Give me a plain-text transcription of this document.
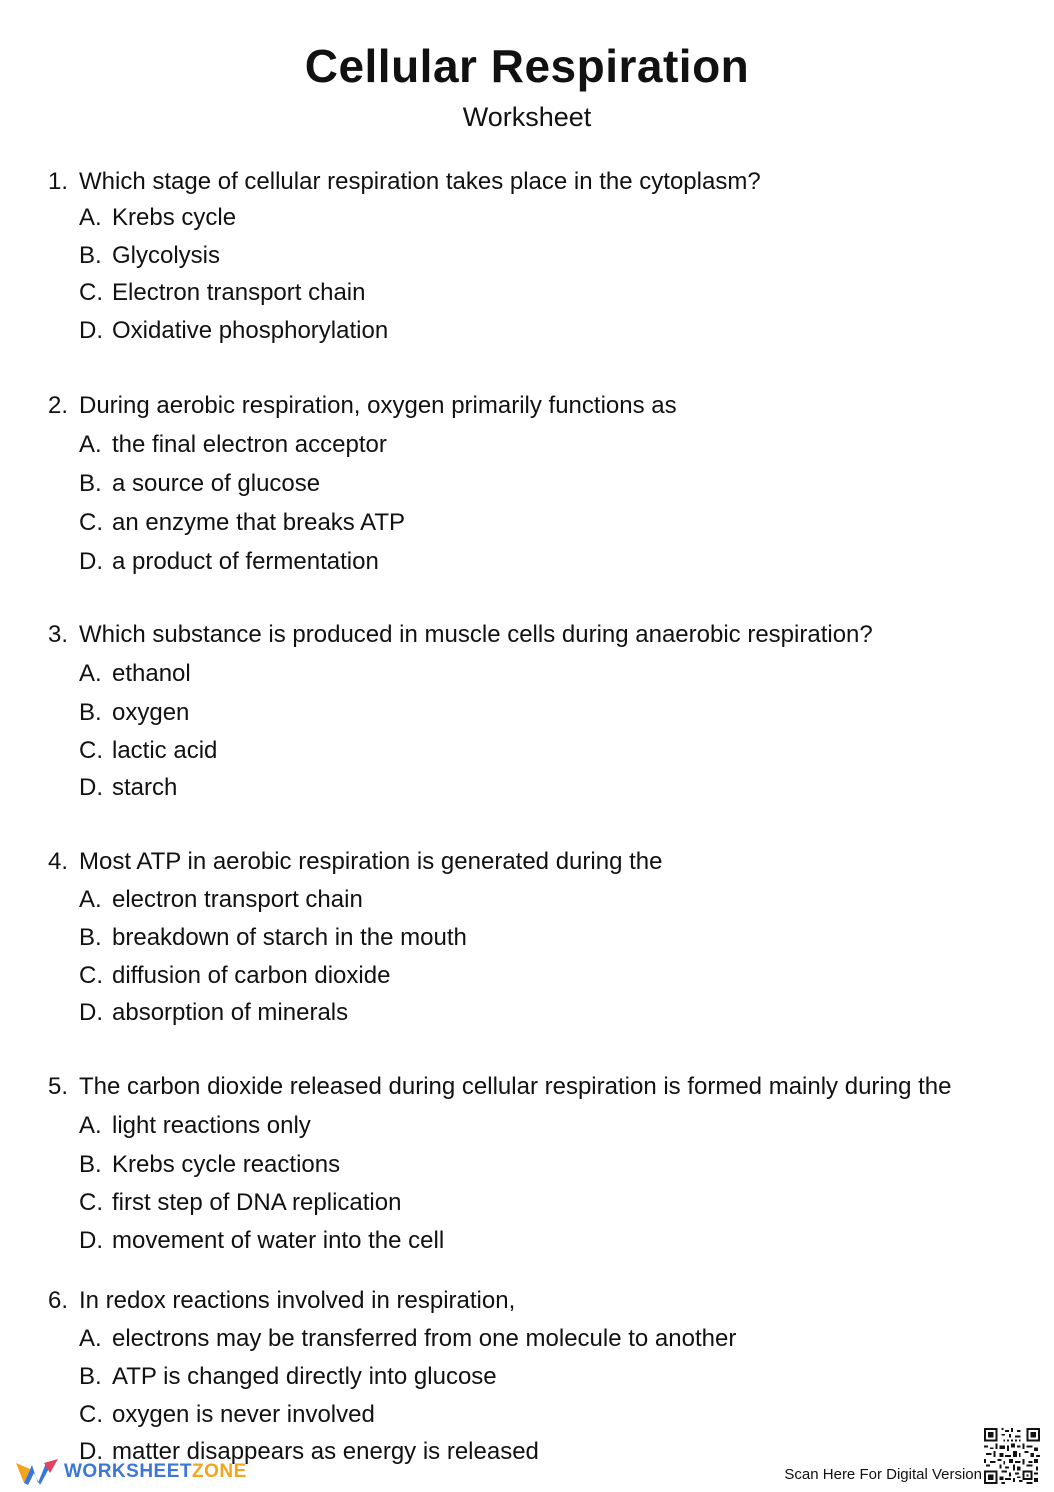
Cellular Respiration
Worksheet
1. Which stage of cellular respiration takes place in the cytoplasm?
A. Krebs cycle
B. Glycolysis
C. Electron transport chain
D. Oxidative phosphorylation
2. During aerobic respiration, oxygen primarily functions as
A. the final electron acceptor
B. a source of glucose
C. an enzyme that breaks ATP
D. a product of fermentation
3. Which substance is produced in muscle cells during anaerobic respiration?
A. ethanol
B. oxygen
C. lactic acid
D. starch
4. Most ATP in aerobic respiration is generated during the
A. electron transport chain
B. breakdown of starch in the mouth
C. diffusion of carbon dioxide
D. absorption of minerals
5. The carbon dioxide released during cellular respiration is formed mainly during the
A. light reactions only
B. Krebs cycle reactions
C. first step of DNA replication
D. movement of water into the cell
6. In redox reactions involved in respiration,
A. electrons may be transferred from one molecule to another
B. ATP is changed directly into glucose
C. oxygen is never involved
D. matter disappears as energy is released
WORKSHEETZONE	Scan Here For Digital Version
